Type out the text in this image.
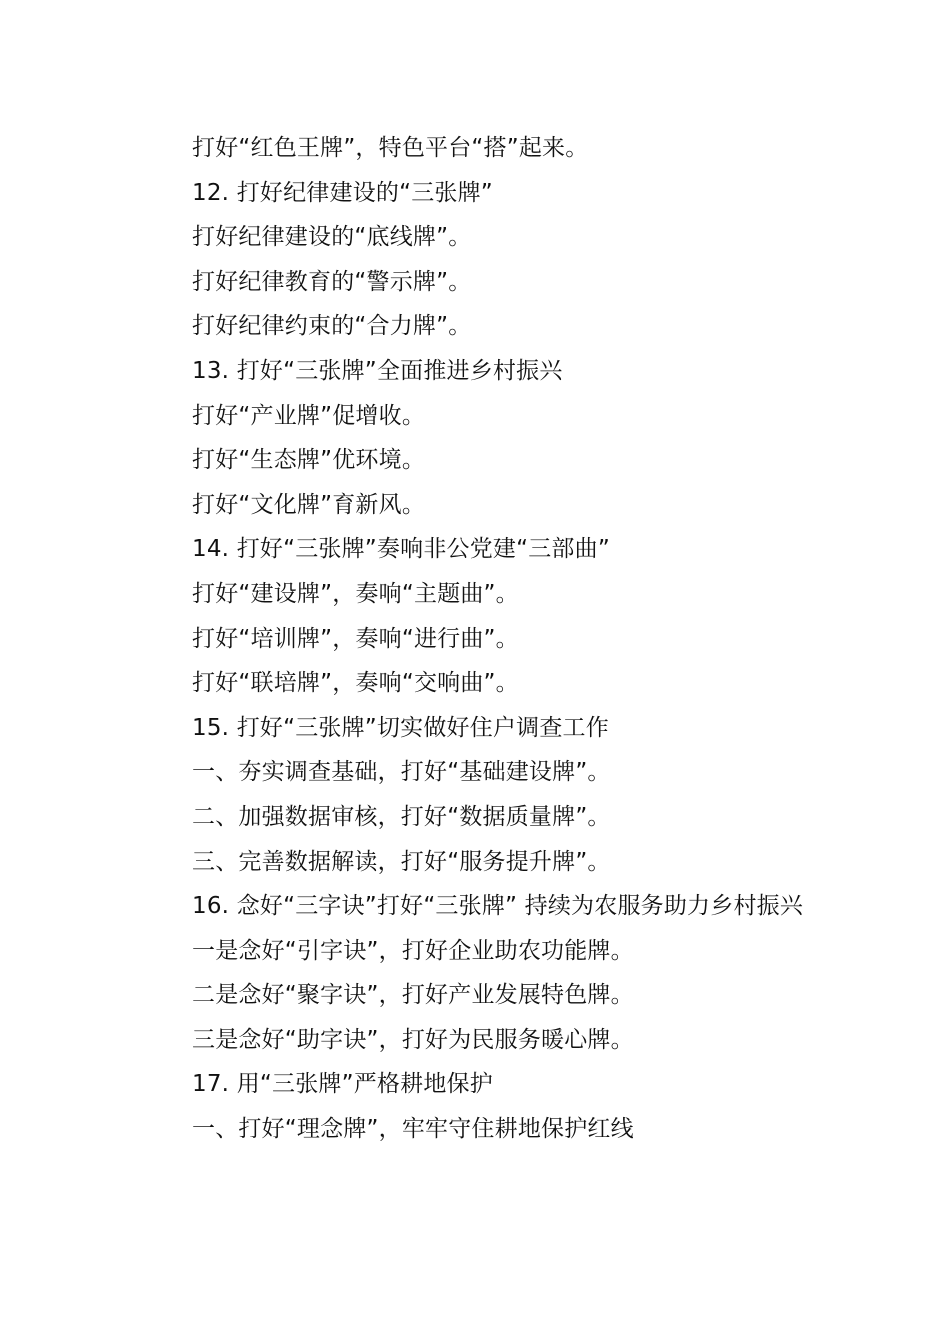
打好“红色王牌”，特色平台“搭”起来。
12. 打好纪律建设的“三张牌”
打好纪律建设的“底线牌”。
打好纪律教育的“警示牌”。
打好纪律约束的“合力牌”。
13. 打好“三张牌”全面推进乡村振兴
打好“产业牌”促增收。
打好“生态牌”优环境。
打好“文化牌”育新风。
14. 打好“三张牌”奏响非公党建“三部曲”
打好“建设牌”，奏响“主题曲”。
打好“培训牌”，奏响“进行曲”。
打好“联培牌”，奏响“交响曲”。
15. 打好“三张牌”切实做好住户调查工作
一、夯实调查基础，打好“基础建设牌”。
二、加强数据审核，打好“数据质量牌”。
三、完善数据解读，打好“服务提升牌”。
16. 念好“三字诀”打好“三张牌” 持续为农服务助力乡村振兴
一是念好“引字诀”，打好企业助农功能牌。
二是念好“聚字诀”，打好产业发展特色牌。
三是念好“助字诀”，打好为民服务暖心牌。
17. 用“三张牌”严格耕地保护
一、打好“理念牌”，牢牢守住耕地保护红线
